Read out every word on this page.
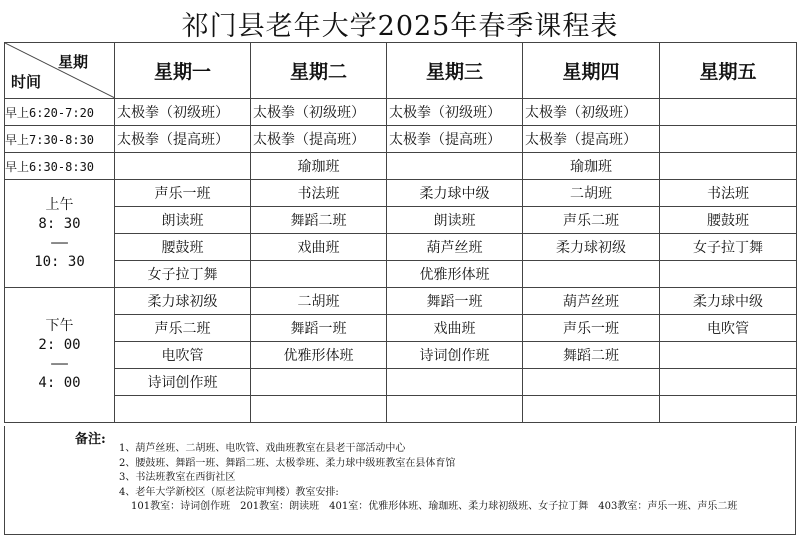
祁门县老年大学2025年春季课程表
星期
时间	星期一	星期二	星期三	星期四	星期五
早上6:20-7:20	太极拳（初级班）	太极拳（初级班）	太极拳（初级班）	太极拳（初级班）	
早上7:30-8:30	太极拳（提高班）	太极拳（提高班）	太极拳（提高班）	太极拳（提高班）	
早上6:30-8:30		瑜珈班		瑜珈班	

上午
8: 30
——
10: 30	声乐一班	书法班	柔力球中级	二胡班	书法班
	朗读班	舞蹈二班	朗读班	声乐二班	腰鼓班
	腰鼓班	戏曲班	葫芦丝班	柔力球初级	女子拉丁舞
	女子拉丁舞		优雅形体班		

下午
2: 00
——
4: 00	柔力球初级	二胡班	舞蹈一班	葫芦丝班	柔力球中级
	声乐二班	舞蹈一班	戏曲班	声乐一班	电吹管
	电吹管	优雅形体班	诗词创作班	舞蹈二班	
	诗词创作班				

备注:
1、葫芦丝班、二胡班、电吹管、戏曲班教室在县老干部活动中心
2、腰鼓班、舞蹈一班、舞蹈二班、太极拳班、柔力球中级班教室在县体育馆
3、书法班教室在西街社区
4、老年大学新校区（原老法院审判楼）教室安排:
101教室：诗词创作班　201教室：朗读班　401室：优雅形体班、瑜珈班、柔力球初级班、女子拉丁舞　403教室：声乐一班、声乐二班
